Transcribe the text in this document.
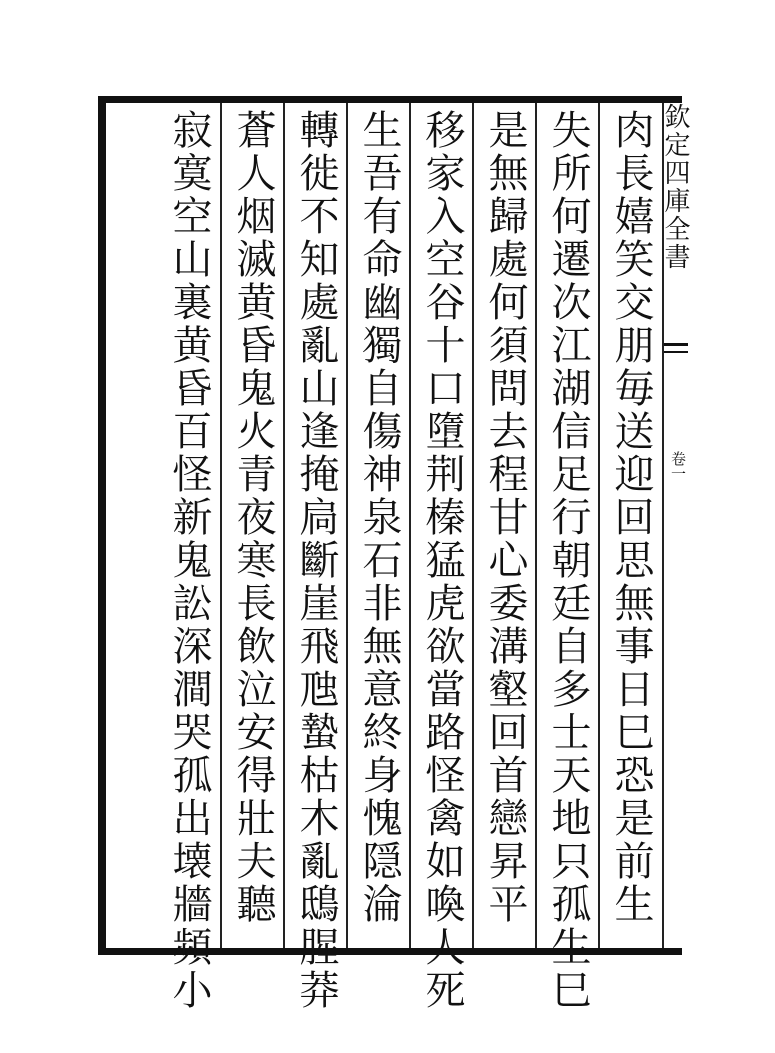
肉長嬉笑交朋毎送迎回思無事日巳恐是前生
失所何遷次江湖信足行朝廷自多士天地只孤生巳
是無歸處何須問去程甘心委溝壑回首戀昇平
移家入空谷十口墮荆榛猛虎欲當路怪禽如喚人死
生吾有命幽獨自傷神泉石非無意終身愧隠淪
轉徙不知處亂山逢掩扃斷崖飛虺蟄枯木亂鴟腥莽
蒼人烟滅黄昏鬼火青夜寒長飲泣安得壯夫聽
寂寞空山裏黄昏百怪新鬼訟深澗哭孤出壊牆頻小	欽定四庫全書
卷一
